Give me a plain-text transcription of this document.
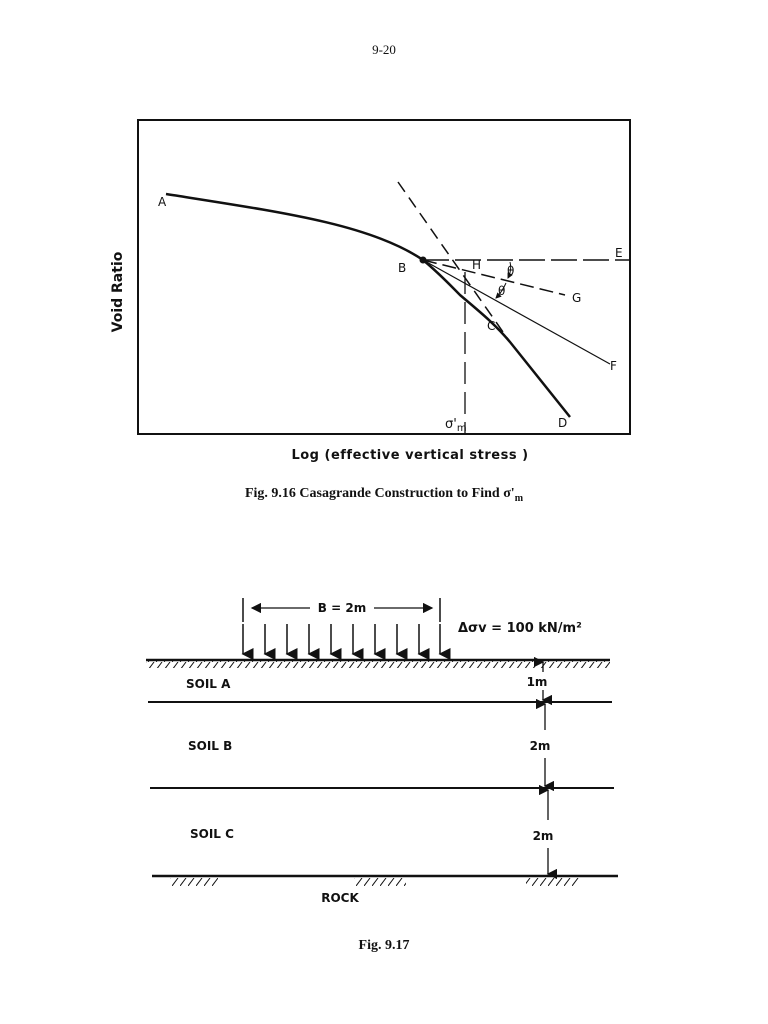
9-20
Void Ratio
Log (effective vertical stress )
A
B	H θ
θ
E
G
C
F
D
$\sigma'_m$
Fig. 9.16 Casagrande Construction to Find $\sigma'_m$
B = 2m
Δσv = 100 kN/m²
SOIL A
SOIL B
SOIL C
1m
2m
2m
ROCK
Fig. 9.17
